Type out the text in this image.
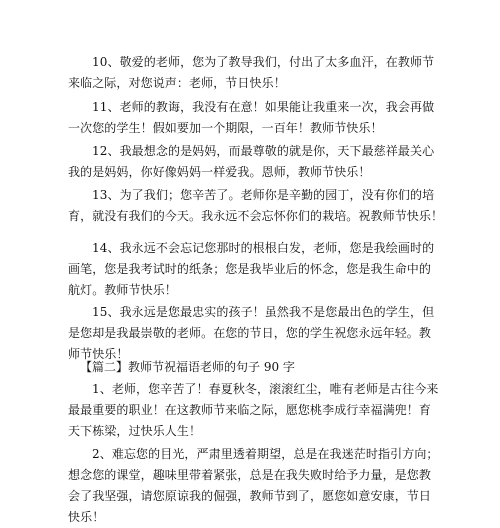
10、敬爱的老师，您为了教导我们，付出了太多血汗，在教师节来临之际，对您说声：老师，节日快乐！

11、老师的教诲，我没有在意！如果能让我重来一次，我会再做一次您的学生！假如要加一个期限，一百年！教师节快乐！

12、我最想念的是妈妈，而最尊敬的就是你，天下最慈祥最关心我的是妈妈，你好像妈妈一样爱我。恩师，教师节快乐！

13、为了我们；您辛苦了。老师你是辛勤的园丁，没有你们的培育，就没有我们的今天。我永远不会忘怀你们的栽培。祝教师节快乐！

14、我永远不会忘记您那时的根根白发，老师，您是我绘画时的画笔，您是我考试时的纸条；您是我毕业后的怀念，您是我生命中的航灯。教师节快乐！

15、我永远是您最忠实的孩子！虽然我不是您最出色的学生，但是您却是我最崇敬的老师。在您的节日，您的学生祝您永远年轻。教师节快乐！

【篇二】教师节祝福语老师的句子 90 字

1、老师，您辛苦了！春夏秋冬，滚滚红尘，唯有老师是古往今来最最重要的职业！在这教师节来临之际，愿您桃李成行幸福满兜！育天下栋梁，过快乐人生！

2、难忘您的目光，严肃里透着期望，总是在我迷茫时指引方向；想念您的课堂，趣味里带着紧张，总是在我失败时给予力量，是您教会了我坚强，请您原谅我的倔强，教师节到了，愿您如意安康，节日快乐！
